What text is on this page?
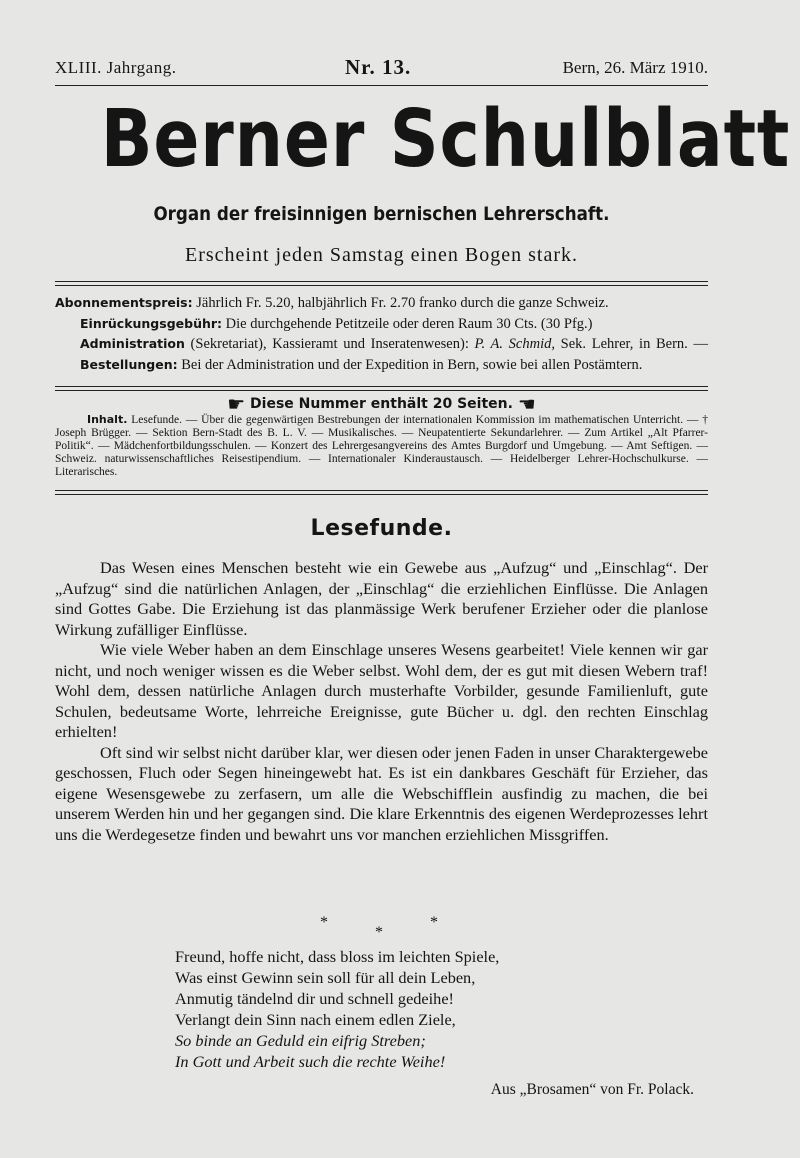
XLIII. Jahrgang.	Nr. 13.	Bern, 26. März 1910.
Berner Schulblatt
Organ der freisinnigen bernischen Lehrerschaft.
Erscheint jeden Samstag einen Bogen stark.

Abonnementspreis: Jährlich Fr. 5.20, halbjährlich Fr. 2.70 franko durch die ganze Schweiz.

Einrückungsgebühr: Die durchgehende Petitzeile oder deren Raum 30 Cts. (30 Pfg.)

Administration (Sekretariat), Kassieramt und Inseratenwesen): P. A. Schmid, Sek. Lehrer, in Bern. — Bestellungen: Bei der Administration und der Expedition in Bern, sowie bei allen Postämtern.

☛ Diese Nummer enthält 20 Seiten. ☚
Inhalt. Lesefunde. — Über die gegenwärtigen Bestrebungen der internationalen Kommission im mathematischen Unterricht. — † Joseph Brügger. — Sektion Bern-Stadt des B. L. V. — Musikalisches. — Neupatentierte Sekundarlehrer. — Zum Artikel „Alt Pfarrer-Politik“. — Mädchenfortbildungsschulen. — Konzert des Lehrergesangvereins des Amtes Burgdorf und Umgebung. — Amt Seftigen. — Schweiz. naturwissenschaftliches Reisestipendium. — Internationaler Kinderaustausch. — Heidelberger Lehrer-Hochschulkurse. — Literarisches.
Lesefunde.

Das Wesen eines Menschen besteht wie ein Gewebe aus „Aufzug“ und „Einschlag“. Der „Aufzug“ sind die natürlichen Anlagen, der „Einschlag“ die erziehlichen Einflüsse. Die Anlagen sind Gottes Gabe. Die Erziehung ist das planmässige Werk berufener Erzieher oder die planlose Wirkung zufälliger Einflüsse.

Wie viele Weber haben an dem Einschlage unseres Wesens gearbeitet! Viele kennen wir gar nicht, und noch weniger wissen es die Weber selbst. Wohl dem, der es gut mit diesen Webern traf! Wohl dem, dessen natürliche Anlagen durch musterhafte Vorbilder, gesunde Familienluft, gute Schulen, bedeutsame Worte, lehrreiche Ereignisse, gute Bücher u. dgl. den rechten Einschlag erhielten!

Oft sind wir selbst nicht darüber klar, wer diesen oder jenen Faden in unser Charaktergewebe geschossen, Fluch oder Segen hineingewebt hat. Es ist ein dankbares Geschäft für Erzieher, das eigene Wesensgewebe zu zerfasern, um alle die Webschifflein ausfindig zu machen, die bei unserem Werden hin und her gegangen sind. Die klare Erkenntnis des eigenen Werdeprozesses lehrt uns die Werdegesetze finden und bewahrt uns vor manchen erziehlichen Missgriffen.

*	*
*
Freund, hoffe nicht, dass bloss im leichten Spiele,
Was einst Gewinn sein soll für all dein Leben,
Anmutig tändelnd dir und schnell gedeihe!
Verlangt dein Sinn nach einem edlen Ziele,
So binde an Geduld ein eifrig Streben;
In Gott und Arbeit such die rechte Weihe!
Aus „Brosamen“ von Fr. Polack.
